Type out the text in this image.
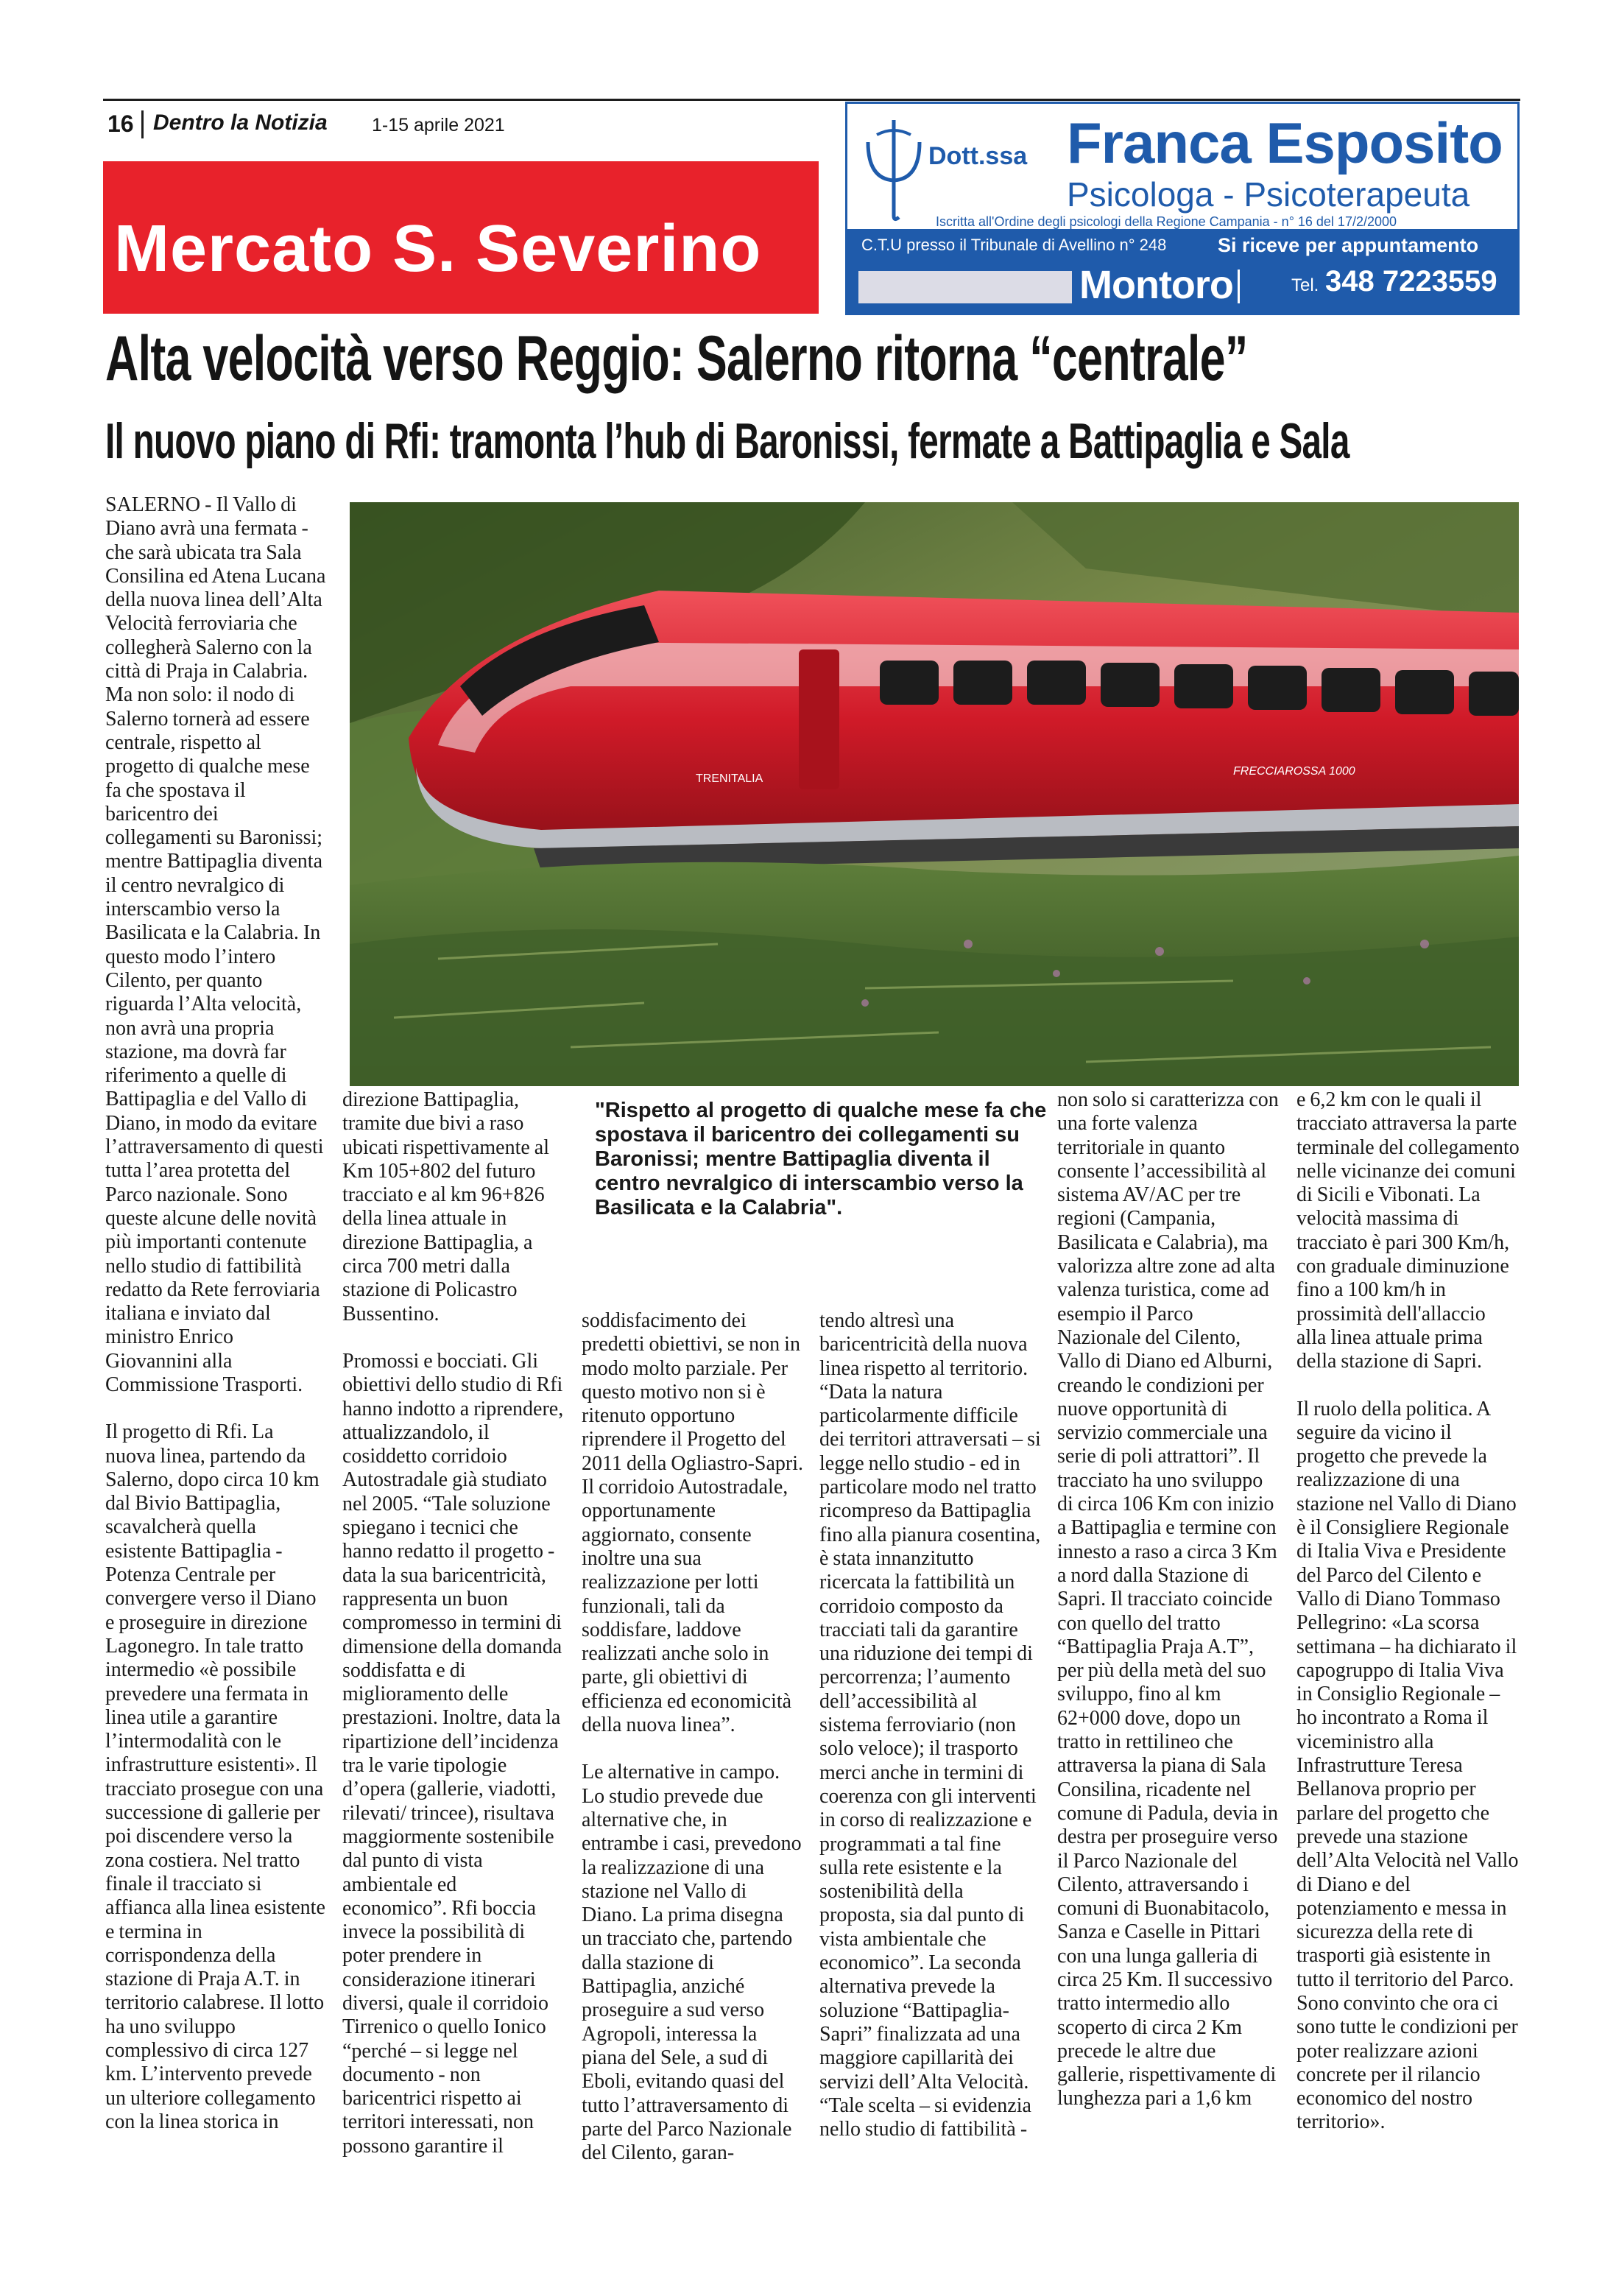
16 Dentro la Notizia 1-15 aprile 2021
Mercato S. Severino
Dott.ssa Franca Esposito
Psicologa - Psicoterapeuta
Iscritta all'Ordine degli psicologi della Regione Campania - n° 16 del 17/2/2000
C.T.U presso il Tribunale di Avellino n° 248	Si riceve per appuntamento
Montoro	Tel. 348 7223559
Alta velocità verso Reggio: Salerno ritorna “centrale”
Il nuovo piano di Rfi: tramonta l’hub di Baronissi, fermate a Battipaglia e Sala
TRENITALIA
FRECCIAROSSA 1000
"Rispetto al progetto di qualche mese fa che spostava il baricentro dei collegamenti su Baronissi; mentre Battipaglia diventa il centro nevralgico di interscambio verso la Basilicata e la Calabria".

SALERNO - Il Vallo di Diano avrà una fermata - che sarà ubicata tra Sala Consilina ed Atena Lucana della nuova linea dell’Alta Velocità ferroviaria che collegherà Salerno con la città di Praja in Calabria. Ma non solo: il nodo di Salerno tornerà ad essere centrale, rispetto al progetto di qualche mese fa che spostava il baricentro dei collegamenti su Baronissi; mentre Battipaglia diventa il centro nevralgico di interscambio verso la Basilicata e la Calabria. In questo modo l’intero Cilento, per quanto riguarda l’Alta velocità, non avrà una propria stazione, ma dovrà far riferimento a quelle di Battipaglia e del Vallo di Diano, in modo da evitare l’attraversamento di questi tutta l’area protetta del Parco nazionale. Sono queste alcune delle novità più importanti contenute nello studio di fattibilità redatto da Rete ferroviaria italiana e inviato dal ministro Enrico Giovannini alla Commissione Trasporti.

Il progetto di Rfi. La nuova linea, partendo da Salerno, dopo circa 10 km dal Bivio Battipaglia, scavalcherà quella esistente Battipaglia - Potenza Centrale per convergere verso il Diano e proseguire in direzione Lagonegro. In tale tratto intermedio «è possibile prevedere una fermata in linea utile a garantire l’intermodalità con le infrastrutture esistenti». Il tracciato prosegue con una successione di gallerie per poi discendere verso la zona costiera. Nel tratto finale il tracciato si affianca alla linea esistente e termina in corrispondenza della stazione di Praja A.T. in territorio calabrese. Il lotto ha uno sviluppo complessivo di circa 127 km. L’intervento prevede un ulteriore collegamento con la linea storica in

direzione Battipaglia, tramite due bivi a raso ubicati rispettivamente al Km 105+802 del futuro tracciato e al km 96+826 della linea attuale in direzione Battipaglia, a circa 700 metri dalla stazione di Policastro Bussentino.

Promossi e bocciati. Gli obiettivi dello studio di Rfi hanno indotto a riprendere, attualizzandolo, il cosiddetto corridoio Autostradale già studiato nel 2005. “Tale soluzione spiegano i tecnici che hanno redatto il progetto - data la sua baricentricità, rappresenta un buon compromesso in termini di dimensione della domanda soddisfatta e di miglioramento delle prestazioni. Inoltre, data la ripartizione dell’incidenza tra le varie tipologie d’opera (gallerie, viadotti, rilevati/ trincee), risultava maggiormente sostenibile dal punto di vista ambientale ed economico”. Rfi boccia invece la possibilità di poter prendere in considerazione itinerari diversi, quale il corridoio Tirrenico o quello Ionico “perché – si legge nel documento - non baricentrici rispetto ai territori interessati, non possono garantire il

soddisfacimento dei predetti obiettivi, se non in modo molto parziale. Per questo motivo non si è ritenuto opportuno riprendere il Progetto del 2011 della Ogliastro-Sapri. Il corridoio Autostradale, opportunamente aggiornato, consente inoltre una sua realizzazione per lotti funzionali, tali da soddisfare, laddove realizzati anche solo in parte, gli obiettivi di efficienza ed economicità della nuova linea”.

Le alternative in campo. Lo studio prevede due alternative che, in entrambe i casi, prevedono la realizzazione di una stazione nel Vallo di Diano. La prima disegna un tracciato che, partendo dalla stazione di Battipaglia, anziché proseguire a sud verso Agropoli, interessa la piana del Sele, a sud di Eboli, evitando quasi del tutto l’attraversamento di parte del Parco Nazionale del Cilento, garan-

tendo altresì una baricentricità della nuova linea rispetto al territorio. “Data la natura particolarmente difficile dei territori attraversati – si legge nello studio - ed in particolare modo nel tratto ricompreso da Battipaglia fino alla pianura cosentina, è stata innanzitutto ricercata la fattibilità un corridoio composto da tracciati tali da garantire una riduzione dei tempi di percorrenza; l’aumento dell’accessibilità al sistema ferroviario (non solo veloce); il trasporto merci anche in termini di coerenza con gli interventi in corso di realizzazione e programmati a tal fine sulla rete esistente e la sostenibilità della proposta, sia dal punto di vista ambientale che economico”. La seconda alternativa prevede la soluzione “Battipaglia-Sapri” finalizzata ad una maggiore capillarità dei servizi dell’Alta Velocità. “Tale scelta – si evidenzia nello studio di fattibilità -

non solo si caratterizza con una forte valenza territoriale in quanto consente l’accessibilità al sistema AV/AC per tre regioni (Campania, Basilicata e Calabria), ma valorizza altre zone ad alta valenza turistica, come ad esempio il Parco Nazionale del Cilento, Vallo di Diano ed Alburni, creando le condizioni per nuove opportunità di servizio commerciale una serie di poli attrattori”. Il tracciato ha uno sviluppo di circa 106 Km con inizio a Battipaglia e termine con innesto a raso a circa 3 Km a nord dalla Stazione di Sapri. Il tracciato coincide con quello del tratto “Battipaglia Praja A.T”, per più della metà del suo sviluppo, fino al km 62+000 dove, dopo un tratto in rettilineo che attraversa la piana di Sala Consilina, ricadente nel comune di Padula, devia in destra per proseguire verso il Parco Nazionale del Cilento, attraversando i comuni di Buonabitacolo, Sanza e Caselle in Pittari con una lunga galleria di circa 25 Km. Il successivo tratto intermedio allo scoperto di circa 2 Km precede le altre due gallerie, rispettivamente di lunghezza pari a 1,6 km

e 6,2 km con le quali il tracciato attraversa la parte terminale del collegamento nelle vicinanze dei comuni di Sicili e Vibonati. La velocità massima di tracciato è pari 300 Km/h, con graduale diminuzione fino a 100 km/h in prossimità dell'allaccio alla linea attuale prima della stazione di Sapri.

Il ruolo della politica. A seguire da vicino il progetto che prevede la realizzazione di una stazione nel Vallo di Diano è il Consigliere Regionale di Italia Viva e Presidente del Parco del Cilento e Vallo di Diano Tommaso Pellegrino: «La scorsa settimana – ha dichiarato il capogruppo di Italia Viva in Consiglio Regionale – ho incontrato a Roma il viceministro alla Infrastrutture Teresa Bellanova proprio per parlare del progetto che prevede una stazione dell’Alta Velocità nel Vallo di Diano e del potenziamento e messa in sicurezza della rete di trasporti già esistente in tutto il territorio del Parco. Sono convinto che ora ci sono tutte le condizioni per poter realizzare azioni concrete per il rilancio economico del nostro territorio».
